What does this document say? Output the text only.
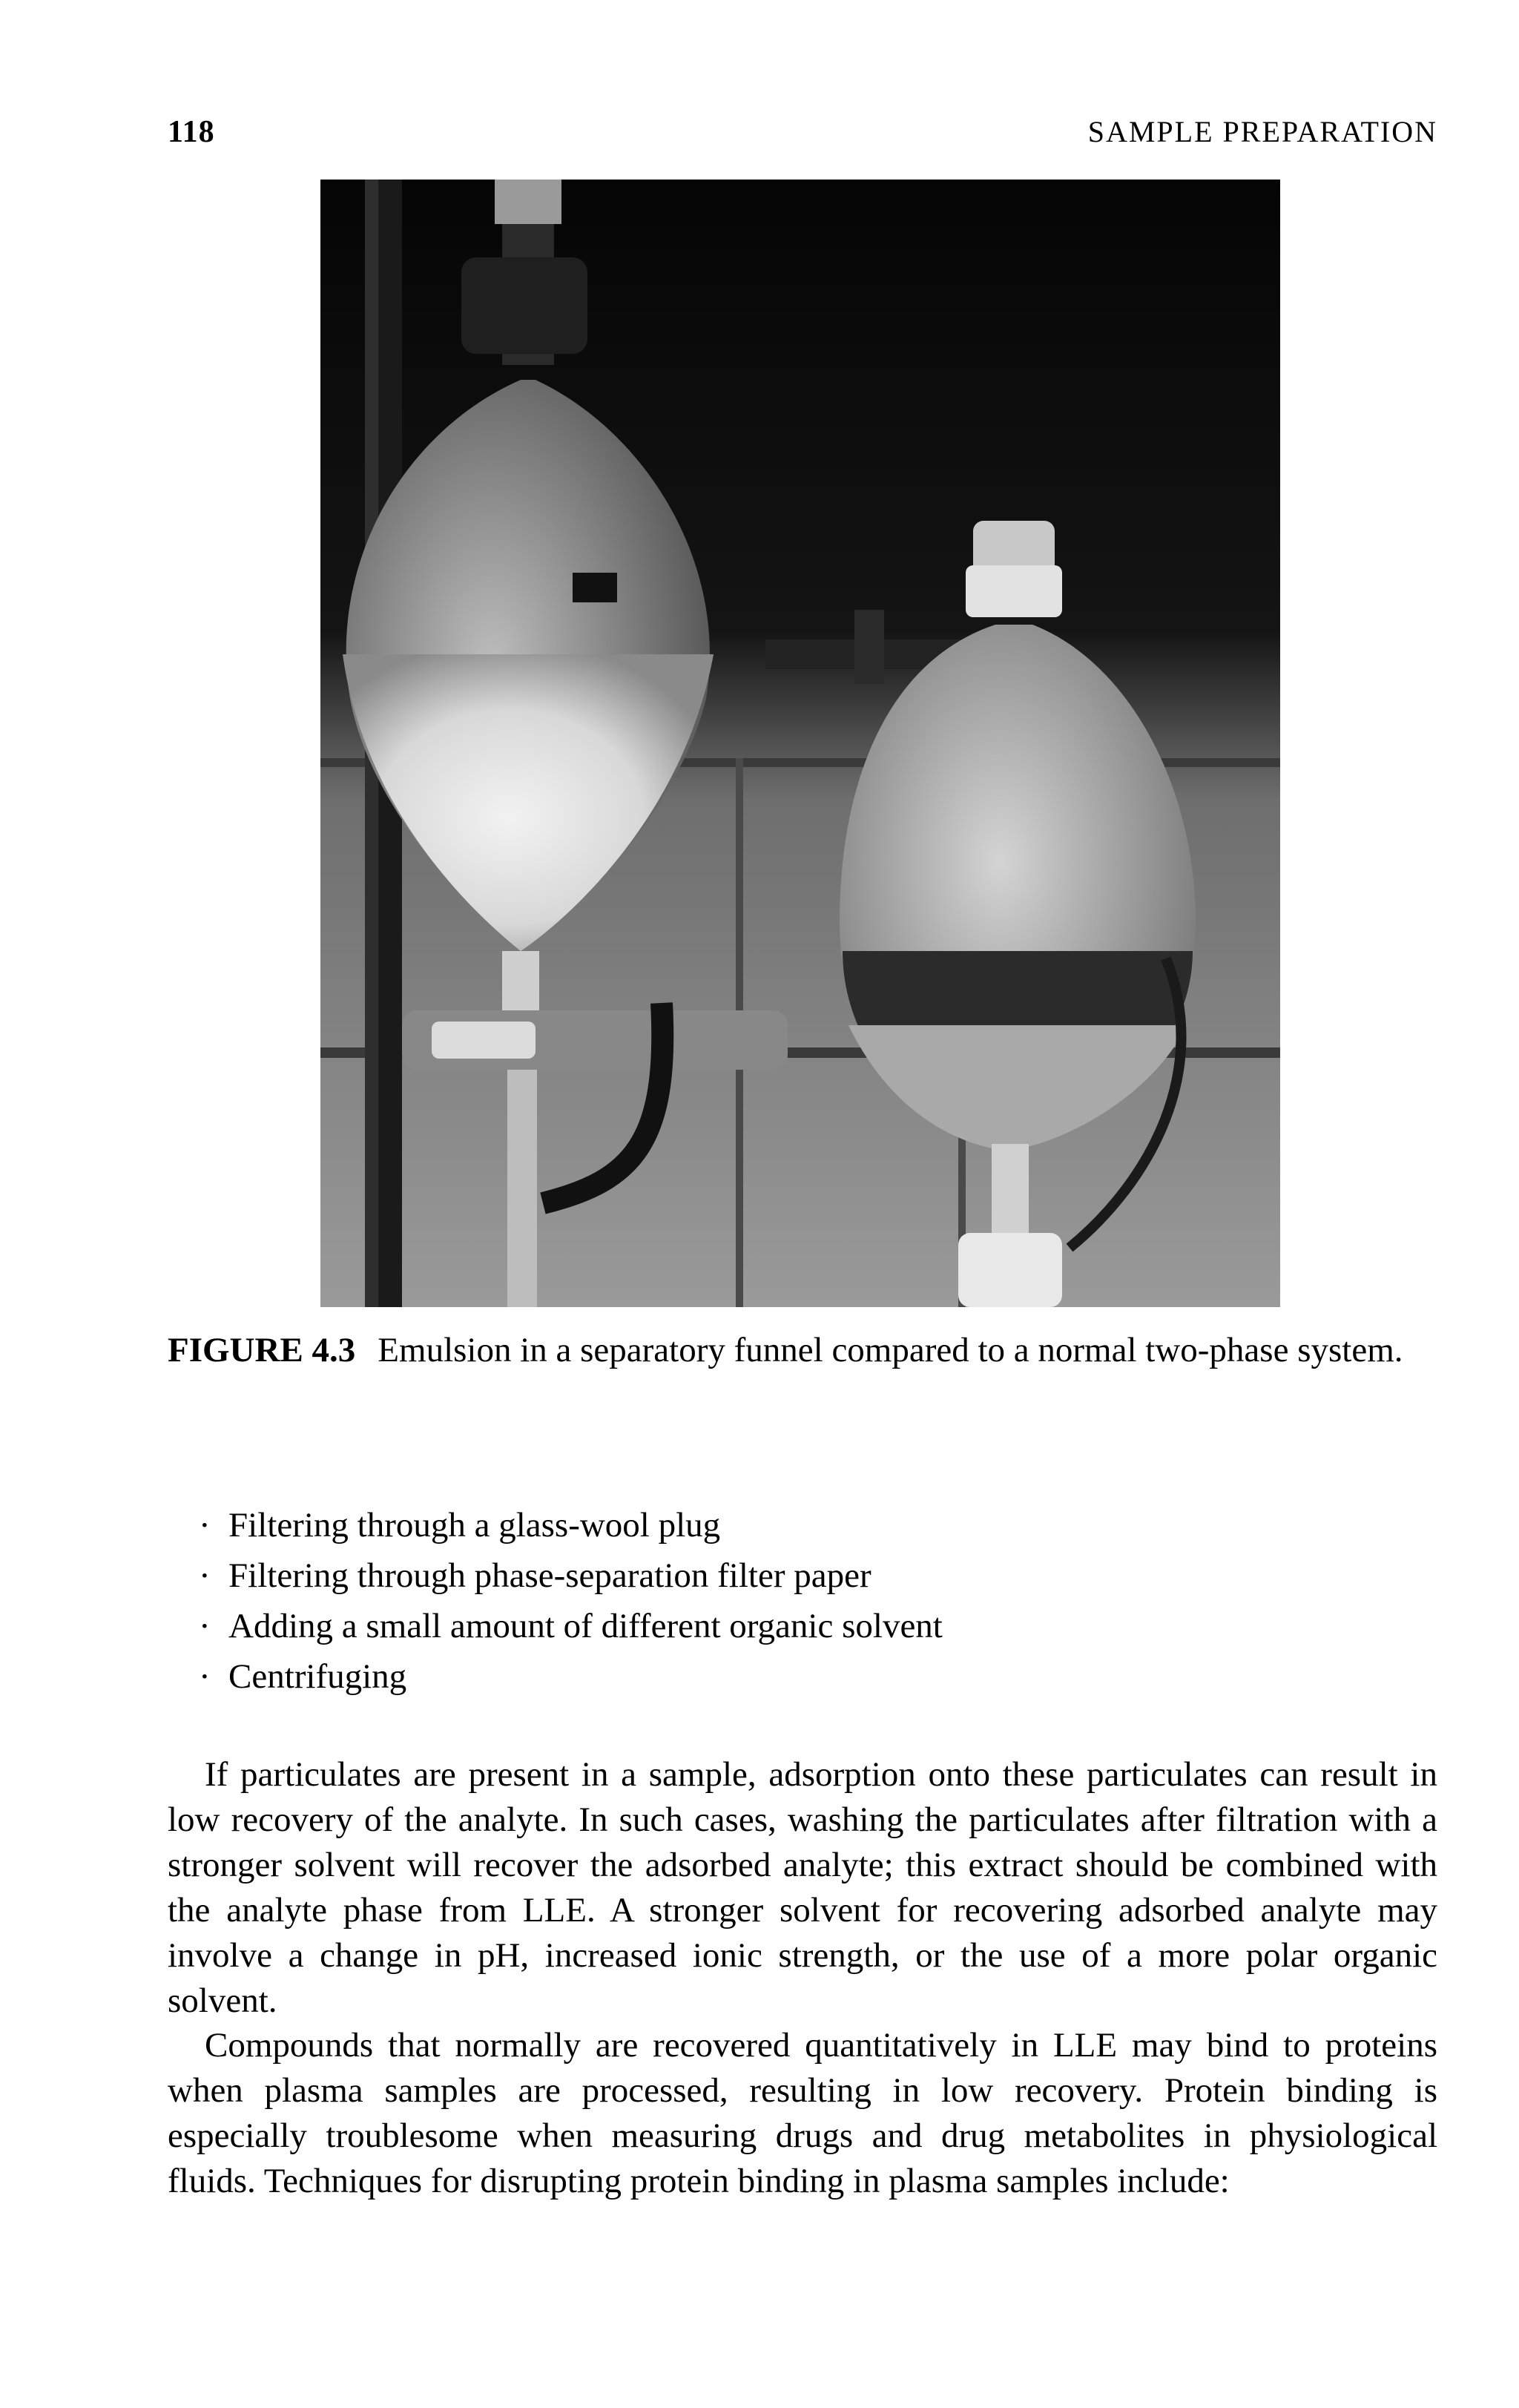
118	SAMPLE PREPARATION
FIGURE 4.3 Emulsion in a separatory funnel compared to a normal two-phase system.
· Filtering through a glass-wool plug
· Filtering through phase-separation filter paper
· Adding a small amount of different organic solvent
· Centrifuging

If particulates are present in a sample, adsorption onto these particulates can result in low recovery of the analyte. In such cases, washing the particulates after filtration with a stronger solvent will recover the adsorbed analyte; this extract should be combined with the analyte phase from LLE. A stronger solvent for recovering adsorbed analyte may involve a change in pH, increased ionic strength, or the use of a more polar organic solvent.

Compounds that normally are recovered quantitatively in LLE may bind to proteins when plasma samples are processed, resulting in low recovery. Protein binding is especially troublesome when measuring drugs and drug metabolites in physiological fluids. Techniques for disrupting protein binding in plasma samples include:
